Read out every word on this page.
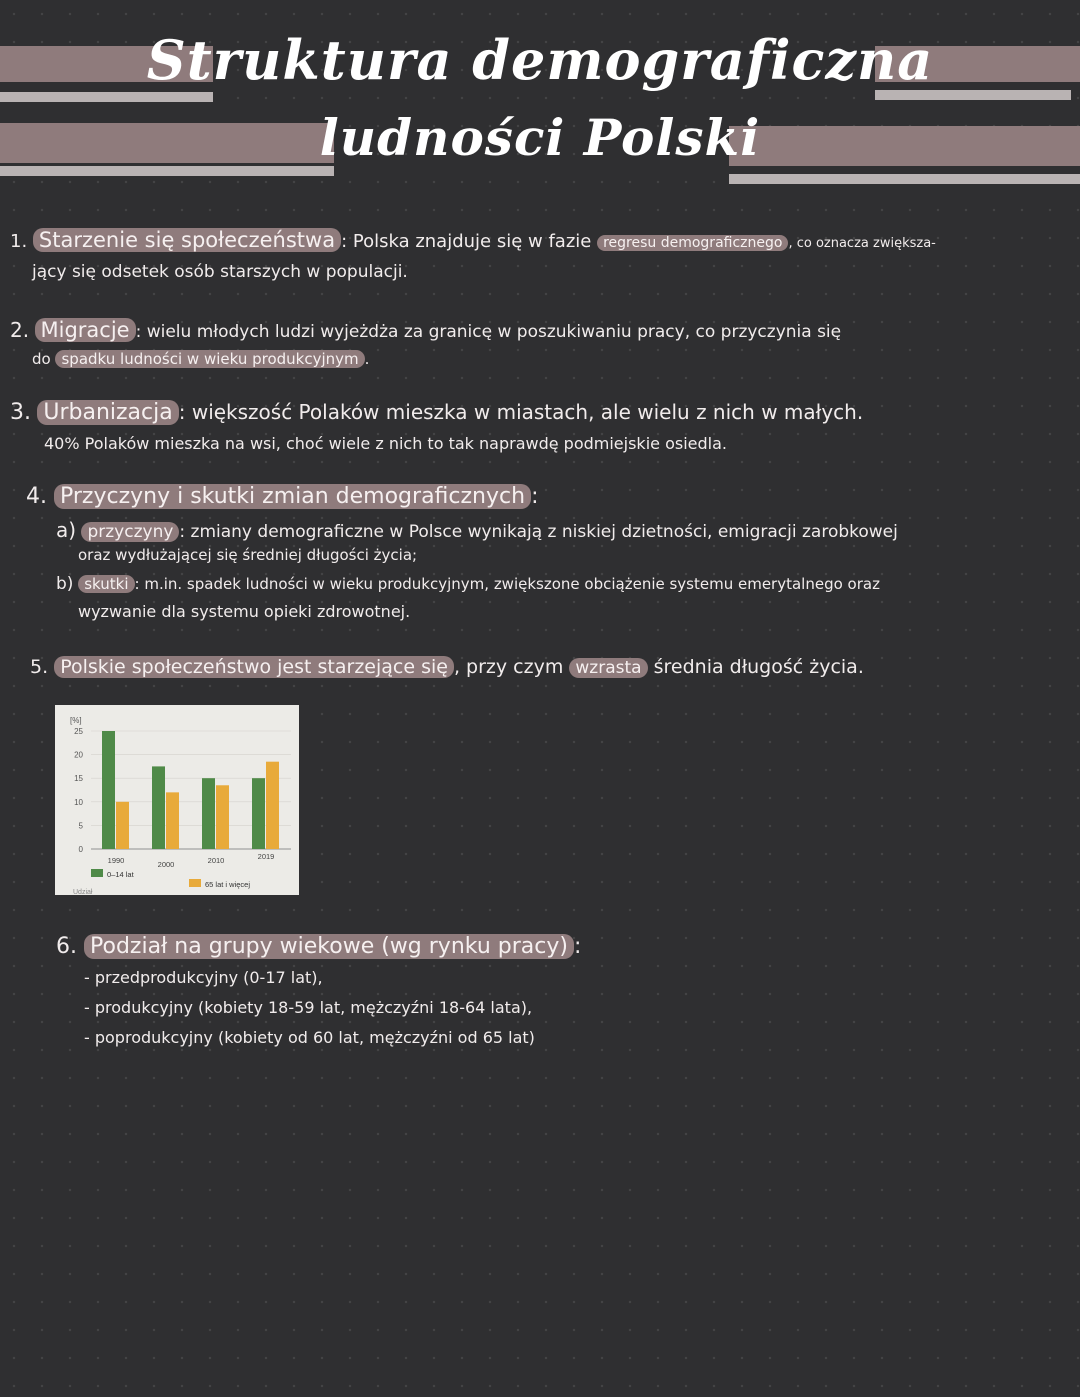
Struktura demograficzna
ludności Polski
1. Starzenie się społeczeństwa : Polska znajduje się w fazie regresu demograficznego , co oznacza zwiększa-
jący się odsetek osób starszych w populacji.
2. Migracje : wielu młodych ludzi wyjeżdża za granicę w poszukiwaniu pracy, co przyczynia się
do spadku ludności w wieku produkcyjnym .
3. Urbanizacja : większość Polaków mieszka w miastach, ale wielu z nich w małych.
40% Polaków mieszka na wsi, choć wiele z nich to tak naprawdę podmiejskie osiedla.
4. Przyczyny i skutki zmian demograficznych :
a) przyczyny : zmiany demograficzne w Polsce wynikają z niskiej dzietności, emigracji zarobkowej
oraz wydłużającej się średniej długości życia;
b) skutki : m.in. spadek ludności w wieku produkcyjnym, zwiększone obciążenie systemu emerytalnego oraz
wyzwanie dla systemu opieki zdrowotnej.
5. Polskie społeczeństwo jest starzejące się , przy czym wzrasta średnia długość życia.
[%]
0
5
10
15
20
25
1990	2000	2010	2019
0–14 lat
65 lat i więcej
Udział
6. Podział na grupy wiekowe (wg rynku pracy) :
- przedprodukcyjny (0-17 lat),
- produkcyjny (kobiety 18-59 lat, mężczyźni 18-64 lata),
- poprodukcyjny (kobiety od 60 lat, mężczyźni od 65 lat)
